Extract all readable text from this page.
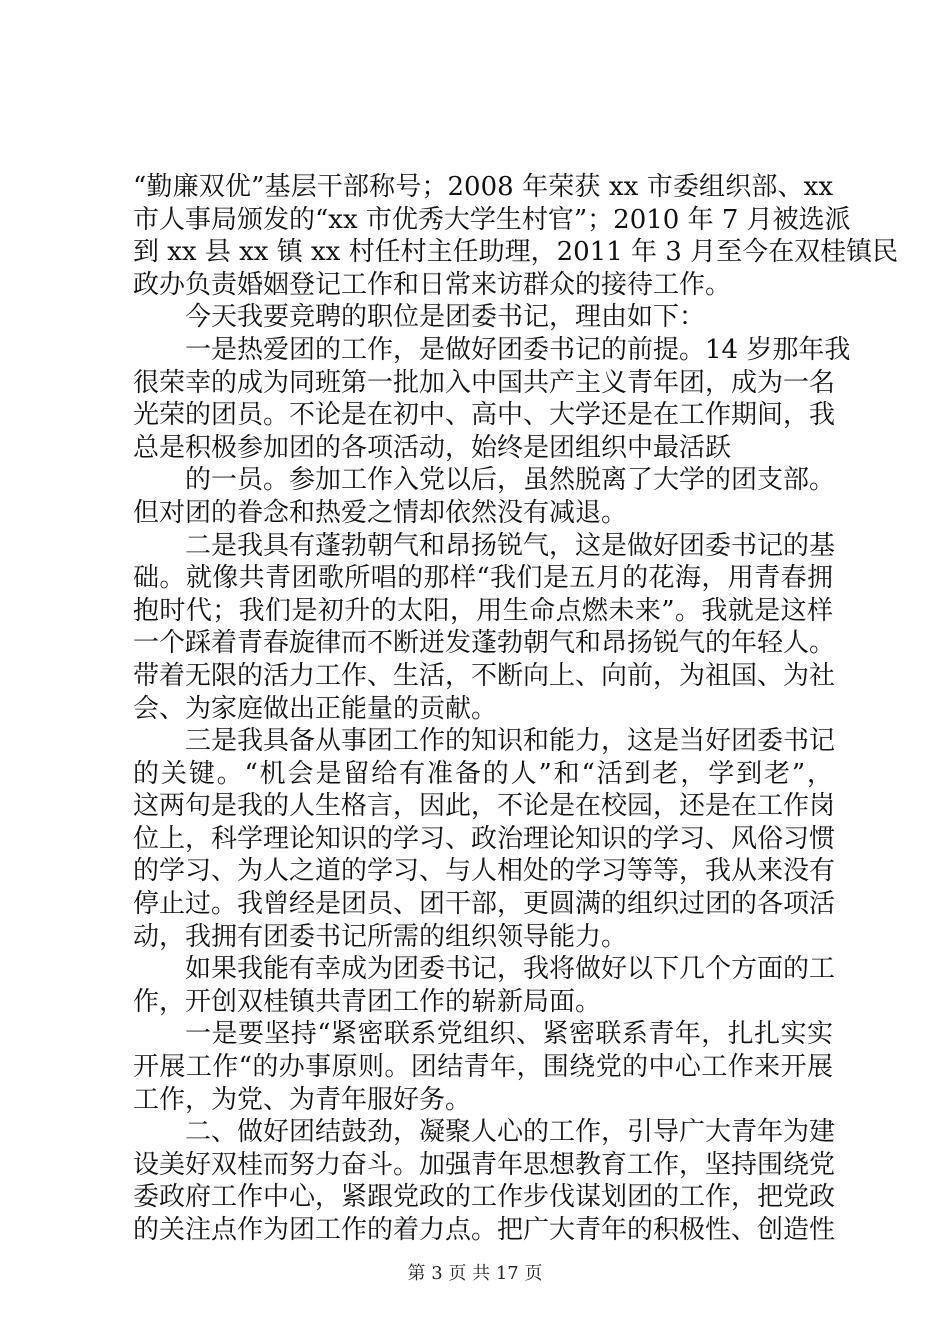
“勤廉双优”基层干部称号；2008 年荣获 xx 市委组织部、xx
市人事局颁发的“xx 市优秀大学生村官”；2010 年 7 月被选派
到 xx 县 xx 镇 xx 村任村主任助理，2011 年 3 月至今在双桂镇民
政办负责婚姻登记工作和日常来访群众的接待工作。

今天我要竞聘的职位是团委书记，理由如下：

一是热爱团的工作，是做好团委书记的前提。14 岁那年我
很荣幸的成为同班第一批加入中国共产主义青年团，成为一名
光荣的团员。不论是在初中、高中、大学还是在工作期间，我
总是积极参加团的各项活动，始终是团组织中最活跃

的一员。参加工作入党以后，虽然脱离了大学的团支部。
但对团的眷念和热爱之情却依然没有减退。

二是我具有蓬勃朝气和昂扬锐气，这是做好团委书记的基
础。就像共青团歌所唱的那样“我们是五月的花海，用青春拥
抱时代；我们是初升的太阳，用生命点燃未来”。我就是这样
一个踩着青春旋律而不断迸发蓬勃朝气和昂扬锐气的年轻人。
带着无限的活力工作、生活，不断向上、向前，为祖国、为社
会、为家庭做出正能量的贡献。

三是我具备从事团工作的知识和能力，这是当好团委书记
的关键。“机会是留给有准备的人”和“活到老，学到老”，
这两句是我的人生格言，因此，不论是在校园，还是在工作岗
位上，科学理论知识的学习、政治理论知识的学习、风俗习惯
的学习、为人之道的学习、与人相处的学习等等，我从来没有
停止过。我曾经是团员、团干部，更圆满的组织过团的各项活
动，我拥有团委书记所需的组织领导能力。

如果我能有幸成为团委书记，我将做好以下几个方面的工
作，开创双桂镇共青团工作的崭新局面。

一是要坚持“紧密联系党组织、紧密联系青年，扎扎实实
开展工作“的办事原则。团结青年，围绕党的中心工作来开展
工作，为党、为青年服好务。

二、做好团结鼓劲，凝聚人心的工作，引导广大青年为建
设美好双桂而努力奋斗。加强青年思想教育工作，坚持围绕党
委政府工作中心，紧跟党政的工作步伐谋划团的工作，把党政
的关注点作为团工作的着力点。把广大青年的积极性、创造性

第 3 页 共 17 页
